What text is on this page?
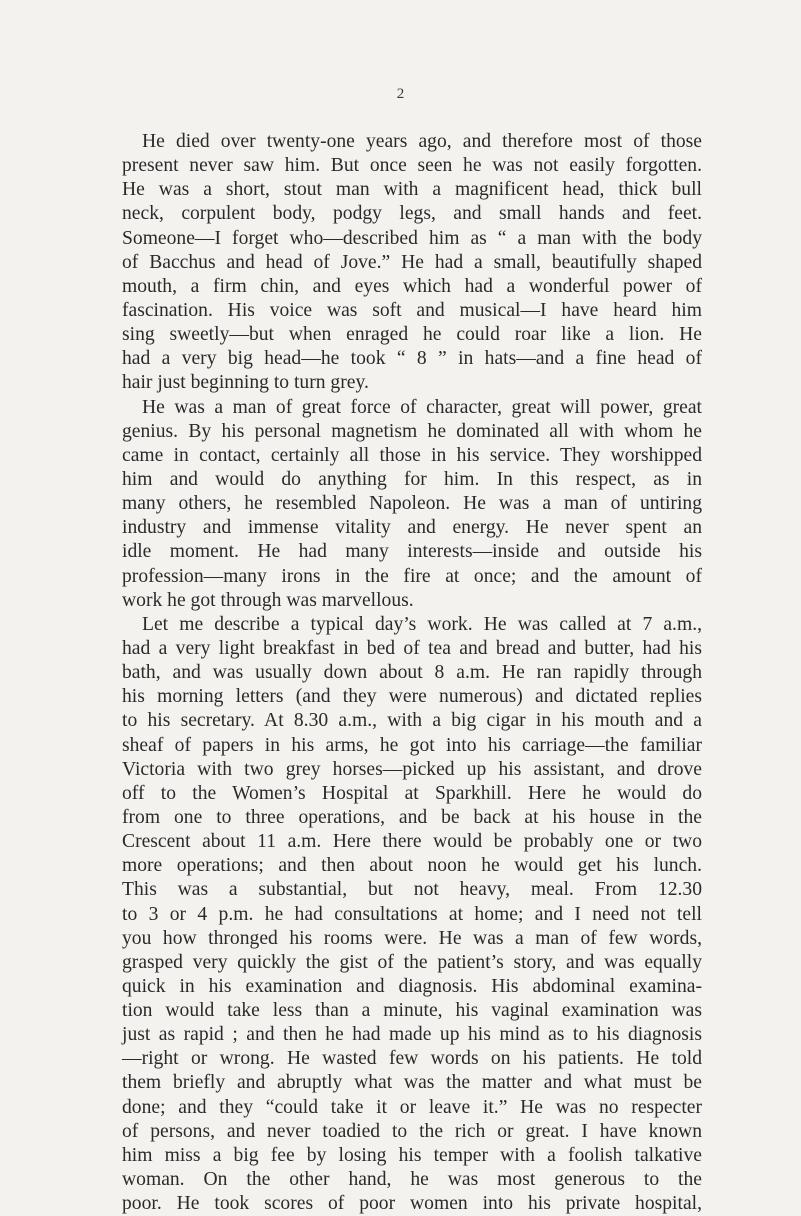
2
He died over twenty-one years ago, and therefore most of those
present never saw him. But once seen he was not easily forgotten.
He was a short, stout man with a magnificent head, thick bull
neck, corpulent body, podgy legs, and small hands and feet.
Someone—I forget who—described him as “ a man with the body
of Bacchus and head of Jove.” He had a small, beautifully shaped
mouth, a firm chin, and eyes which had a wonderful power of
fascination. His voice was soft and musical—I have heard him
sing sweetly—but when enraged he could roar like a lion. He
had a very big head—he took “ 8 ” in hats—and a fine head of
hair just beginning to turn grey.
He was a man of great force of character, great will power, great
genius. By his personal magnetism he dominated all with whom he
came in contact, certainly all those in his service. They worshipped
him and would do anything for him. In this respect, as in
many others, he resembled Napoleon. He was a man of untiring
industry and immense vitality and energy. He never spent an
idle moment. He had many interests—inside and outside his
profession—many irons in the fire at once; and the amount of
work he got through was marvellous.
Let me describe a typical day’s work. He was called at 7 a.m.,
had a very light breakfast in bed of tea and bread and butter, had his
bath, and was usually down about 8 a.m. He ran rapidly through
his morning letters (and they were numerous) and dictated replies
to his secretary. At 8.30 a.m., with a big cigar in his mouth and a
sheaf of papers in his arms, he got into his carriage—the familiar
Victoria with two grey horses—picked up his assistant, and drove
off to the Women’s Hospital at Sparkhill. Here he would do
from one to three operations, and be back at his house in the
Crescent about 11 a.m. Here there would be probably one or two
more operations; and then about noon he would get his lunch.
This was a substantial, but not heavy, meal. From 12.30
to 3 or 4 p.m. he had consultations at home; and I need not tell
you how thronged his rooms were. He was a man of few words,
grasped very quickly the gist of the patient’s story, and was equally
quick in his examination and diagnosis. His abdominal examina-
tion would take less than a minute, his vaginal examination was
just as rapid ; and then he had made up his mind as to his diagnosis
—right or wrong. He wasted few words on his patients. He told
them briefly and abruptly what was the matter and what must be
done; and they “could take it or leave it.” He was no respecter
of persons, and never toadied to the rich or great. I have known
him miss a big fee by losing his temper with a foolish talkative
woman. On the other hand, he was most generous to the
poor. He took scores of poor women into his private hospital,
